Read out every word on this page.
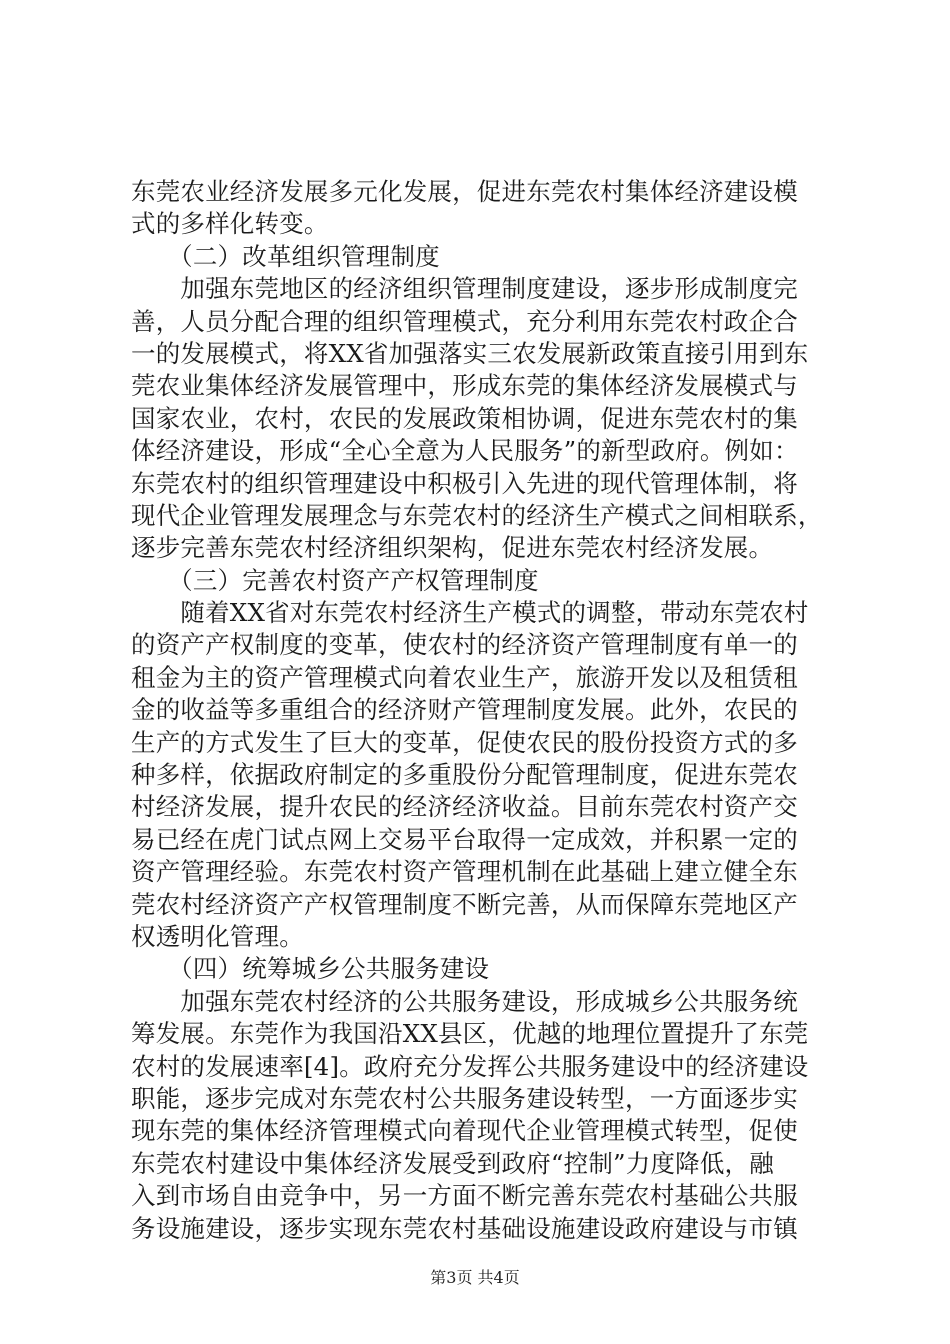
东莞农业经济发展多元化发展，促进东莞农村集体经济建设模
式的多样化转变。
　　（二）改革组织管理制度
　　加强东莞地区的经济组织管理制度建设，逐步形成制度完
善，人员分配合理的组织管理模式，充分利用东莞农村政企合
一的发展模式，将XX省加强落实三农发展新政策直接引用到东
莞农业集体经济发展管理中，形成东莞的集体经济发展模式与
国家农业，农村，农民的发展政策相协调，促进东莞农村的集
体经济建设，形成“全心全意为人民服务”的新型政府。例如：
东莞农村的组织管理建设中积极引入先进的现代管理体制，将
现代企业管理发展理念与东莞农村的经济生产模式之间相联系，
逐步完善东莞农村经济组织架构，促进东莞农村经济发展。
　　（三）完善农村资产产权管理制度
　　随着XX省对东莞农村经济生产模式的调整，带动东莞农村
的资产产权制度的变革，使农村的经济资产管理制度有单一的
租金为主的资产管理模式向着农业生产，旅游开发以及租赁租
金的收益等多重组合的经济财产管理制度发展。此外，农民的
生产的方式发生了巨大的变革，促使农民的股份投资方式的多
种多样，依据政府制定的多重股份分配管理制度，促进东莞农
村经济发展，提升农民的经济经济收益。目前东莞农村资产交
易已经在虎门试点网上交易平台取得一定成效，并积累一定的
资产管理经验。东莞农村资产管理机制在此基础上建立健全东
莞农村经济资产产权管理制度不断完善，从而保障东莞地区产
权透明化管理。
　　（四）统筹城乡公共服务建设
　　加强东莞农村经济的公共服务建设，形成城乡公共服务统
筹发展。东莞作为我国沿XX县区，优越的地理位置提升了东莞
农村的发展速率[4]。政府充分发挥公共服务建设中的经济建设
职能，逐步完成对东莞农村公共服务建设转型，一方面逐步实
现东莞的集体经济管理模式向着现代企业管理模式转型，促使
东莞农村建设中集体经济发展受到政府“控制”力度降低，融
入到市场自由竞争中，另一方面不断完善东莞农村基础公共服
务设施建设，逐步实现东莞农村基础设施建设政府建设与市镇
第3页 共4页
